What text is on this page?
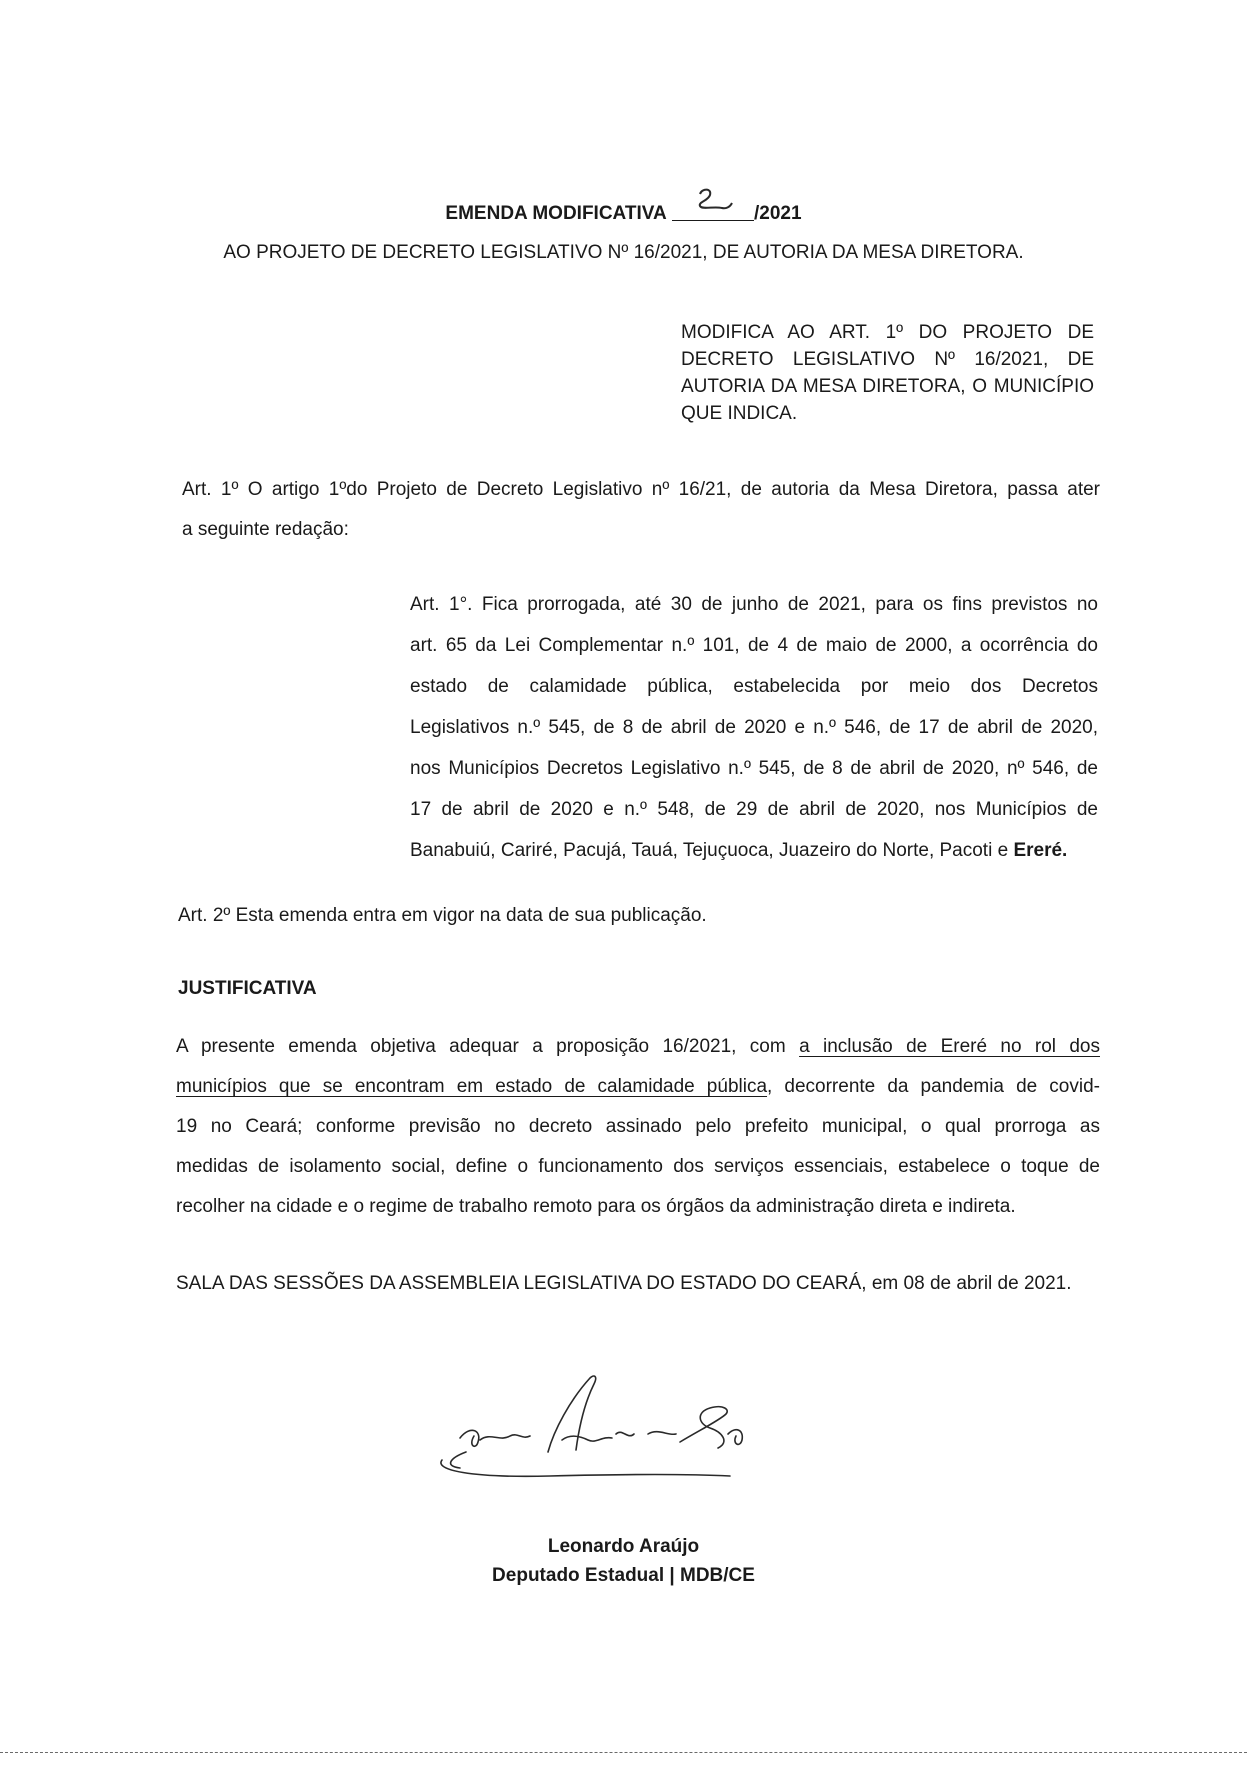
EMENDA MODIFICATIVA	/2021
AO PROJETO DE DECRETO LEGISLATIVO Nº 16/2021, DE AUTORIA DA MESA DIRETORA.
MODIFICA AO ART. 1º DO PROJETO DE
DECRETO LEGISLATIVO Nº 16/2021, DE
AUTORIA DA MESA DIRETORA, O MUNICÍPIO
QUE INDICA.
Art. 1º O artigo 1ºdo Projeto de Decreto Legislativo nº 16/21, de autoria da Mesa Diretora, passa ater
a seguinte redação:
Art. 1°. Fica prorrogada, até 30 de junho de 2021, para os fins previstos no
art. 65 da Lei Complementar n.º 101, de 4 de maio de 2000, a ocorrência do
estado de calamidade pública, estabelecida por meio dos Decretos
Legislativos n.º 545, de 8 de abril de 2020 e n.º 546, de 17 de abril de 2020,
nos Municípios Decretos Legislativo n.º 545, de 8 de abril de 2020, nº 546, de
17 de abril de 2020 e n.º 548, de 29 de abril de 2020, nos Municípios de
Banabuiú, Cariré, Pacujá, Tauá, Tejuçuoca, Juazeiro do Norte, Pacoti e Ereré.
Art. 2º Esta emenda entra em vigor na data de sua publicação.
JUSTIFICATIVA
A presente emenda objetiva adequar a proposição 16/2021, com a inclusão de Ereré no rol dos
municípios que se encontram em estado de calamidade pública, decorrente da pandemia de covid-
19 no Ceará; conforme previsão no decreto assinado pelo prefeito municipal, o qual prorroga as
medidas de isolamento social, define o funcionamento dos serviços essenciais, estabelece o toque de
recolher na cidade e o regime de trabalho remoto para os órgãos da administração direta e indireta.
SALA DAS SESSÕES DA ASSEMBLEIA LEGISLATIVA DO ESTADO DO CEARÁ, em 08 de abril de 2021.
Leonardo Araújo
Deputado Estadual | MDB/CE
